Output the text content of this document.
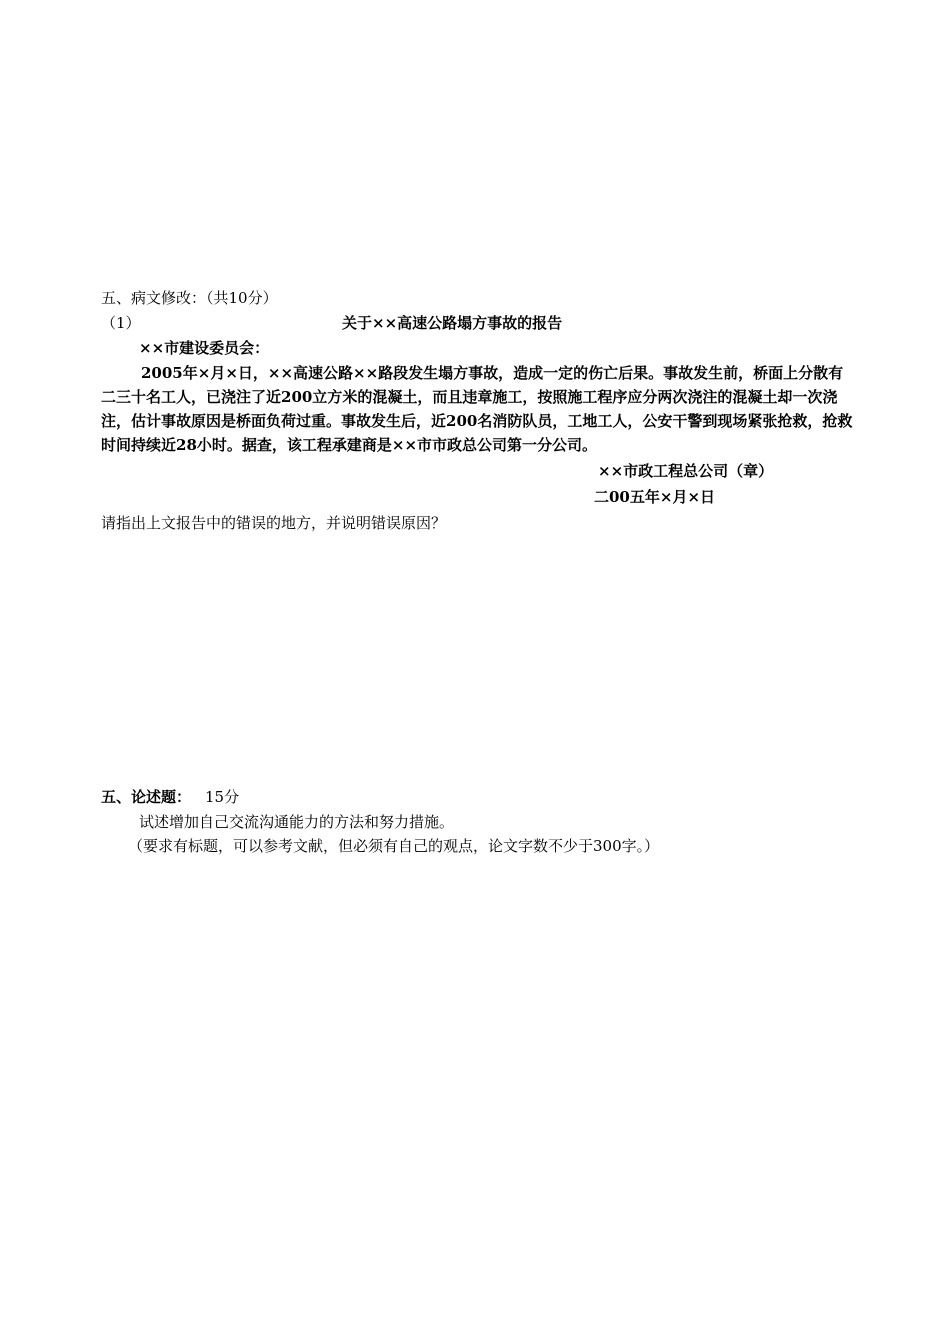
五、病文修改：（共10分）
（1）	关于××高速公路塌方事故的报告
××市建设委员会：
2005年×月×日，××高速公路××路段发生塌方事故，造成一定的伤亡后果。事故发生前，桥面上分散有二三十名工人，已浇注了近200立方米的混凝土，而且违章施工，按照施工程序应分两次浇注的混凝土却一次浇注，估计事故原因是桥面负荷过重。事故发生后，近200名消防队员，工地工人，公安干警到现场紧张抢救，抢救时间持续近28小时。据查，该工程承建商是××市市政总公司第一分公司。
××市政工程总公司（章）
二00五年×月×日
请指出上文报告中的错误的地方，并说明错误原因？
五、论述题： 15分
试述增加自己交流沟通能力的方法和努力措施。
（要求有标题，可以参考文献，但必须有自己的观点，论文字数不少于300字。）
